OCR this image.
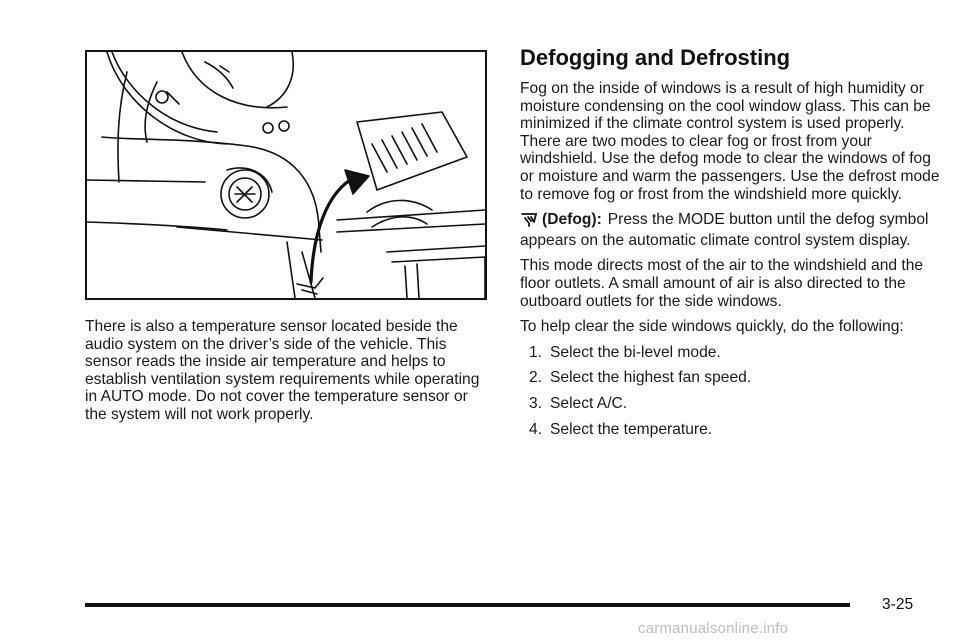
There is also a temperature sensor located beside the audio system on the driver’s side of the vehicle. This sensor reads the inside air temperature and helps to establish ventilation system requirements while operating in AUTO mode. Do not cover the temperature sensor or the system will not work properly.
Defogging and Defrosting

Fog on the inside of windows is a result of high humidity or moisture condensing on the cool window glass. This can be minimized if the climate control system is used properly. There are two modes to clear fog or frost from your windshield. Use the defog mode to clear the windows of fog or moisture and warm the passengers. Use the defrost mode to remove fog or frost from the windshield more quickly.

(Defog): Press the MODE button until the defog symbol appears on the automatic climate control system display.

This mode directs most of the air to the windshield and the floor outlets. A small amount of air is also directed to the outboard outlets for the side windows.

To help clear the side windows quickly, do the following:

1. Select the bi-level mode.
2. Select the highest fan speed.
3. Select A/C.
4. Select the temperature.
3-25
carmanualsonline.info
